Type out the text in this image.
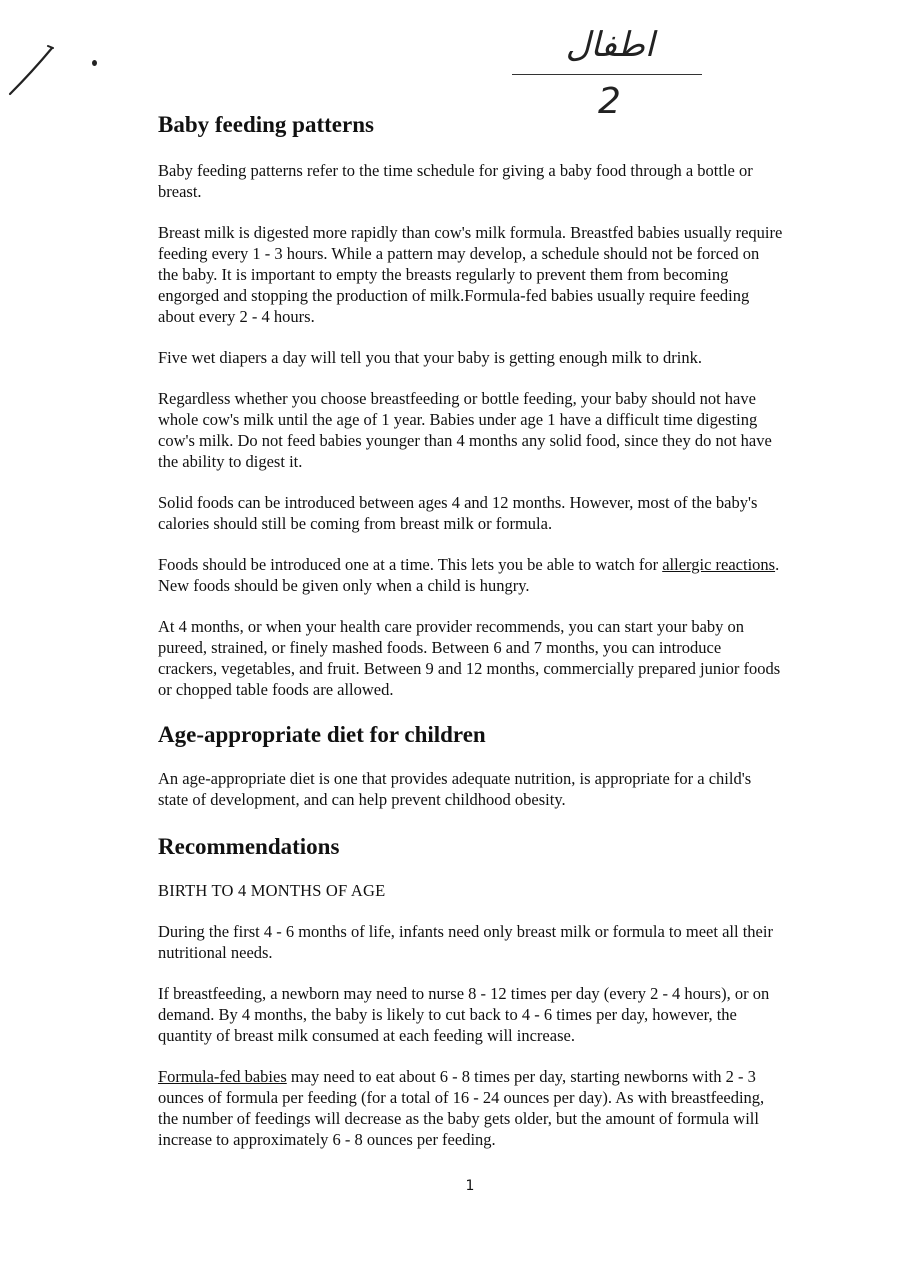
اطفال
2
Baby feeding patterns

Baby feeding patterns refer to the time schedule for giving a baby food through a bottle or breast.

Breast milk is digested more rapidly than cow's milk formula. Breastfed babies usually require feeding every 1 - 3 hours. While a pattern may develop, a schedule should not be forced on the baby. It is important to empty the breasts regularly to prevent them from becoming engorged and stopping the production of milk.Formula-fed babies usually require feeding about every 2 - 4 hours.

Five wet diapers a day will tell you that your baby is getting enough milk to drink.

Regardless whether you choose breastfeeding or bottle feeding, your baby should not have whole cow's milk until the age of 1 year. Babies under age 1 have a difficult time digesting cow's milk. Do not feed babies younger than 4 months any solid food, since they do not have the ability to digest it.

Solid foods can be introduced between ages 4 and 12 months. However, most of the baby's calories should still be coming from breast milk or formula.

Foods should be introduced one at a time. This lets you be able to watch for allergic reactions. New foods should be given only when a child is hungry.

At 4 months, or when your health care provider recommends, you can start your baby on pureed, strained, or finely mashed foods. Between 6 and 7 months, you can introduce crackers, vegetables, and fruit. Between 9 and 12 months, commercially prepared junior foods or chopped table foods are allowed.

Age-appropriate diet for children

An age-appropriate diet is one that provides adequate nutrition, is appropriate for a child's state of development, and can help prevent childhood obesity.

Recommendations

BIRTH TO 4 MONTHS OF AGE

During the first 4 - 6 months of life, infants need only breast milk or formula to meet all their nutritional needs.

If breastfeeding, a newborn may need to nurse 8 - 12 times per day (every 2 - 4 hours), or on demand. By 4 months, the baby is likely to cut back to 4 - 6 times per day, however, the quantity of breast milk consumed at each feeding will increase.

Formula-fed babies may need to eat about 6 - 8 times per day, starting newborns with 2 - 3 ounces of formula per feeding (for a total of 16 - 24 ounces per day). As with breastfeeding, the number of feedings will decrease as the baby gets older, but the amount of formula will increase to approximately 6 - 8 ounces per feeding.

1
